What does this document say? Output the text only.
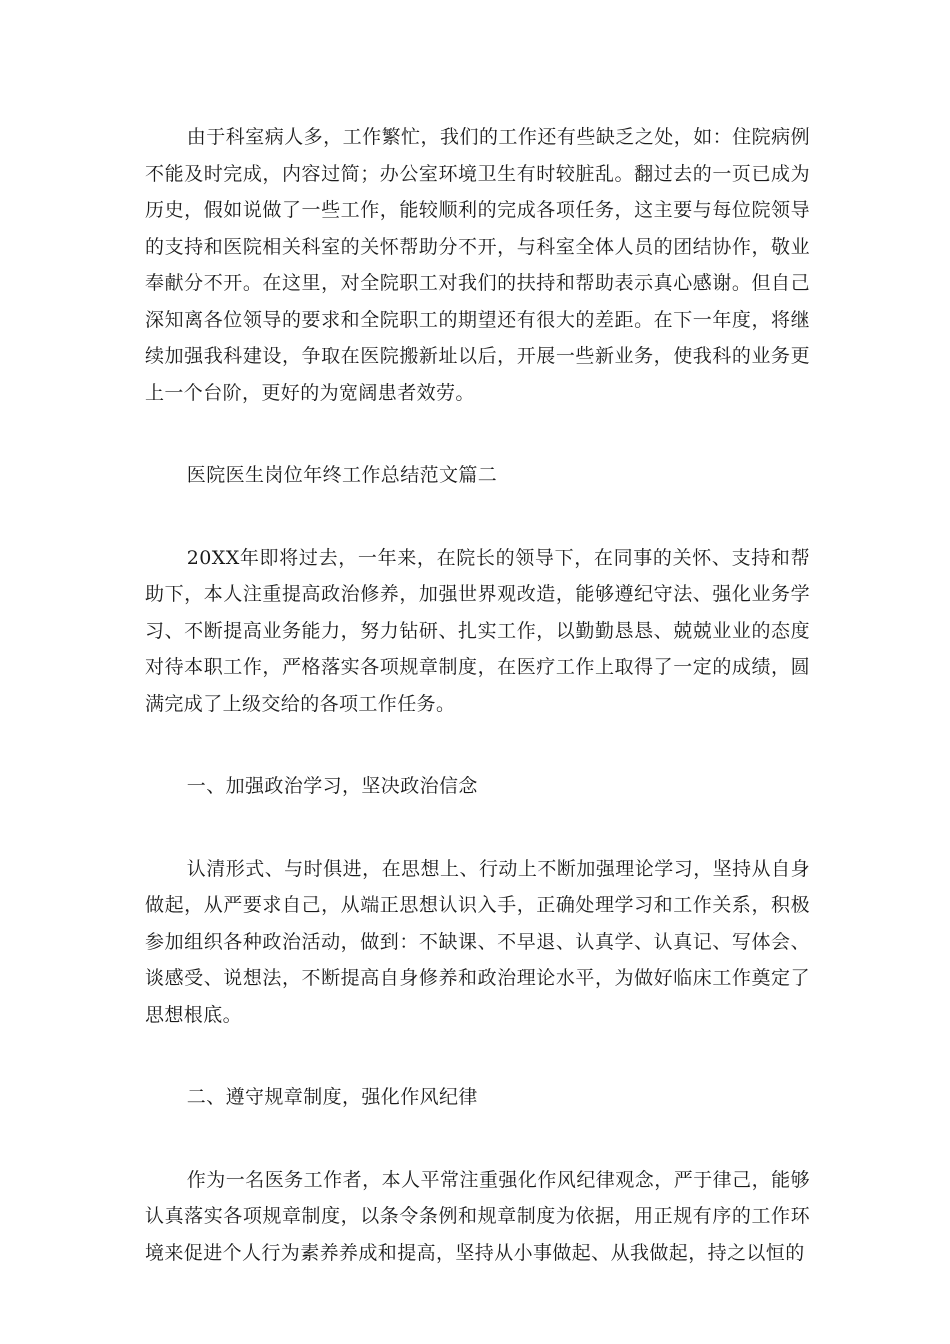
由于科室病人多，工作繁忙，我们的工作还有些缺乏之处，如：住院病例不能及时完成，内容过简；办公室环境卫生有时较脏乱。翻过去的一页已成为历史，假如说做了一些工作，能较顺利的完成各项任务，这主要与每位院领导的支持和医院相关科室的关怀帮助分不开，与科室全体人员的团结协作，敬业奉献分不开。在这里，对全院职工对我们的扶持和帮助表示真心感谢。但自己深知离各位领导的要求和全院职工的期望还有很大的差距。在下一年度，将继续加强我科建设，争取在医院搬新址以后，开展一些新业务，使我科的业务更上一个台阶，更好的为宽阔患者效劳。

医院医生岗位年终工作总结范文篇二

20XX年即将过去，一年来，在院长的领导下，在同事的关怀、支持和帮助下，本人注重提高政治修养，加强世界观改造，能够遵纪守法、强化业务学习、不断提高业务能力，努力钻研、扎实工作，以勤勤恳恳、兢兢业业的态度对待本职工作，严格落实各项规章制度，在医疗工作上取得了一定的成绩，圆满完成了上级交给的各项工作任务。

一、加强政治学习，坚决政治信念

认清形式、与时俱进，在思想上、行动上不断加强理论学习，坚持从自身做起，从严要求自己，从端正思想认识入手，正确处理学习和工作关系，积极参加组织各种政治活动，做到：不缺课、不早退、认真学、认真记、写体会、谈感受、说想法，不断提高自身修养和政治理论水平，为做好临床工作奠定了思想根底。

二、遵守规章制度，强化作风纪律

作为一名医务工作者，本人平常注重强化作风纪律观念，严于律己，能够认真落实各项规章制度，以条令条例和规章制度为依据，用正规有序的工作环境来促进个人行为素养养成和提高，坚持从小事做起、从我做起，持之以恒的
